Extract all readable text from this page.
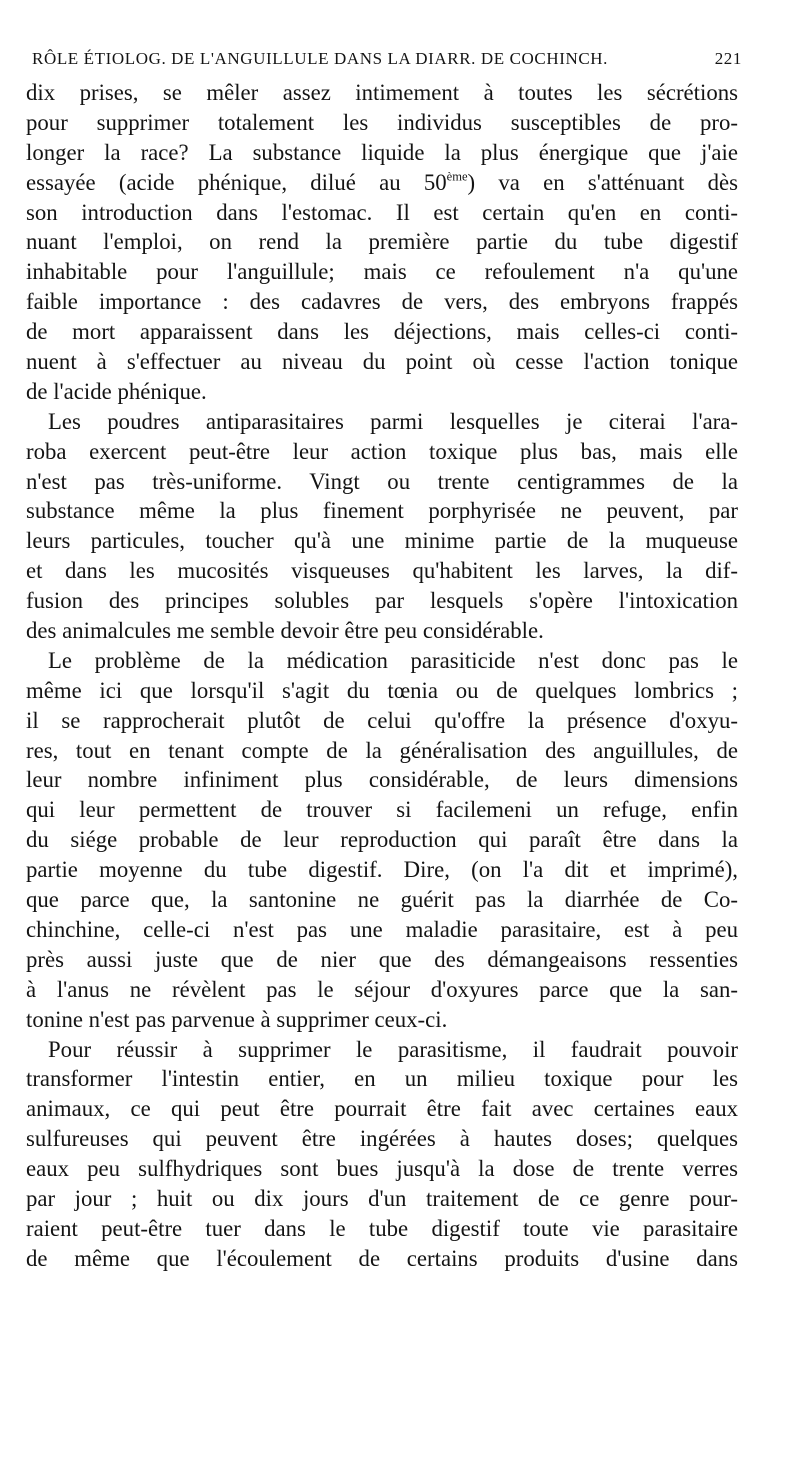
RÔLE ÉTIOLOG. DE L'ANGUILLULE DANS LA DIARR. DE COCHINCH.	221
dix prises, se mêler assez intimement à toutes les sécrétions
pour supprimer totalement les individus susceptibles de pro-
longer la race? La substance liquide la plus énergique que j'aie
essayée (acide phénique, dilué au 50ème) va en s'atténuant dès
son introduction dans l'estomac. Il est certain qu'en en conti-
nuant l'emploi, on rend la première partie du tube digestif
inhabitable pour l'anguillule; mais ce refoulement n'a qu'une
faible importance : des cadavres de vers, des embryons frappés
de mort apparaissent dans les déjections, mais celles-ci conti-
nuent à s'effectuer au niveau du point où cesse l'action tonique
de l'acide phénique.
Les poudres antiparasitaires parmi lesquelles je citerai l'ara-
roba exercent peut-être leur action toxique plus bas, mais elle
n'est pas très-uniforme. Vingt ou trente centigrammes de la
substance même la plus finement porphyrisée ne peuvent, par
leurs particules, toucher qu'à une minime partie de la muqueuse
et dans les mucosités visqueuses qu'habitent les larves, la dif-
fusion des principes solubles par lesquels s'opère l'intoxication
des animalcules me semble devoir être peu considérable.
Le problème de la médication parasiticide n'est donc pas le
même ici que lorsqu'il s'agit du tœnia ou de quelques lombrics ;
il se rapprocherait plutôt de celui qu'offre la présence d'oxyu-
res, tout en tenant compte de la généralisation des anguillules, de
leur nombre infiniment plus considérable, de leurs dimensions
qui leur permettent de trouver si facilemeni un refuge, enfin
du siége probable de leur reproduction qui paraît être dans la
partie moyenne du tube digestif. Dire, (on l'a dit et imprimé),
que parce que, la santonine ne guérit pas la diarrhée de Co-
chinchine, celle-ci n'est pas une maladie parasitaire, est à peu
près aussi juste que de nier que des démangeaisons ressenties
à l'anus ne révèlent pas le séjour d'oxyures parce que la san-
tonine n'est pas parvenue à supprimer ceux-ci.
Pour réussir à supprimer le parasitisme, il faudrait pouvoir
transformer l'intestin entier, en un milieu toxique pour les
animaux, ce qui peut être pourrait être fait avec certaines eaux
sulfureuses qui peuvent être ingérées à hautes doses; quelques
eaux peu sulfhydriques sont bues jusqu'à la dose de trente verres
par jour ; huit ou dix jours d'un traitement de ce genre pour-
raient peut-être tuer dans le tube digestif toute vie parasitaire
de même que l'écoulement de certains produits d'usine dans
